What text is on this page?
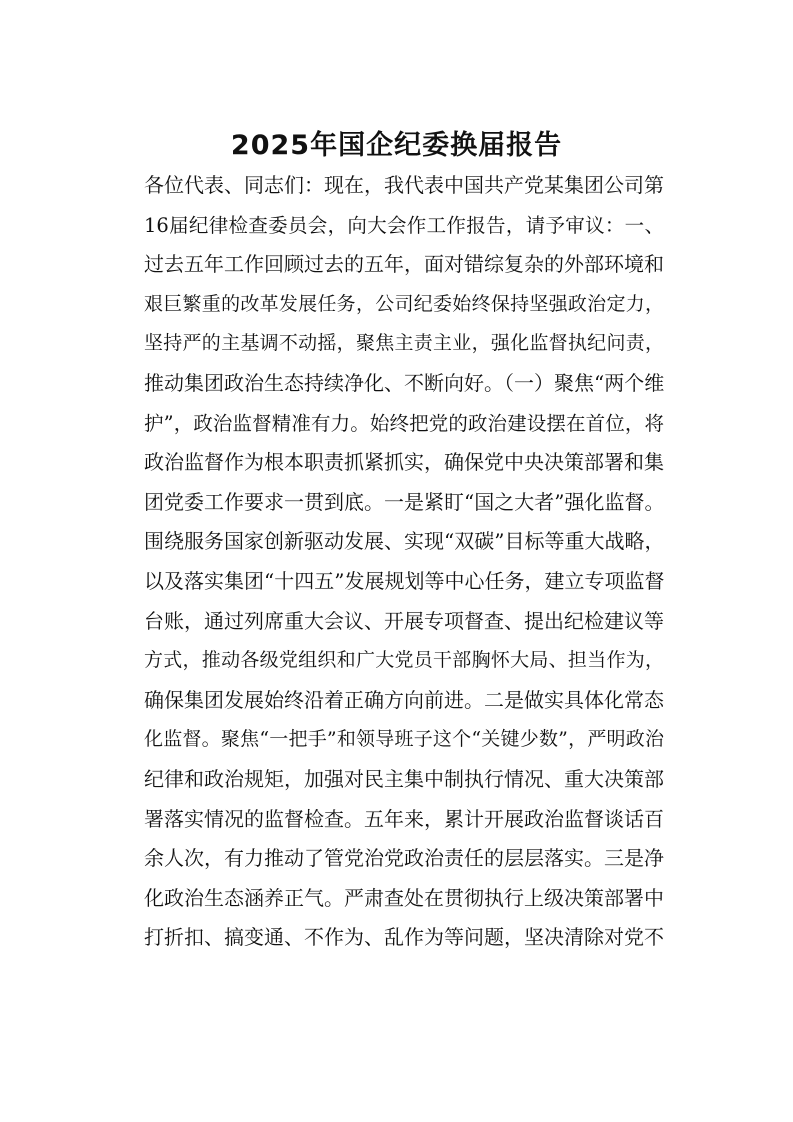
2025年国企纪委换届报告
各位代表、同志们：现在，我代表中国共产党某集团公司第
16届纪律检查委员会，向大会作工作报告，请予审议：一、
过去五年工作回顾过去的五年，面对错综复杂的外部环境和
艰巨繁重的改革发展任务，公司纪委始终保持坚强政治定力，
坚持严的主基调不动摇，聚焦主责主业，强化监督执纪问责，
推动集团政治生态持续净化、不断向好。（一）聚焦“两个维
护”，政治监督精准有力。始终把党的政治建设摆在首位，将
政治监督作为根本职责抓紧抓实，确保党中央决策部署和集
团党委工作要求一贯到底。一是紧盯“国之大者”强化监督。
围绕服务国家创新驱动发展、实现“双碳”目标等重大战略，
以及落实集团“十四五”发展规划等中心任务，建立专项监督
台账，通过列席重大会议、开展专项督查、提出纪检建议等
方式，推动各级党组织和广大党员干部胸怀大局、担当作为，
确保集团发展始终沿着正确方向前进。二是做实具体化常态
化监督。聚焦“一把手”和领导班子这个“关键少数”，严明政治
纪律和政治规矩，加强对民主集中制执行情况、重大决策部
署落实情况的监督检查。五年来，累计开展政治监督谈话百
余人次，有力推动了管党治党政治责任的层层落实。三是净
化政治生态涵养正气。严肃查处在贯彻执行上级决策部署中
打折扣、搞变通、不作为、乱作为等问题，坚决清除对党不
